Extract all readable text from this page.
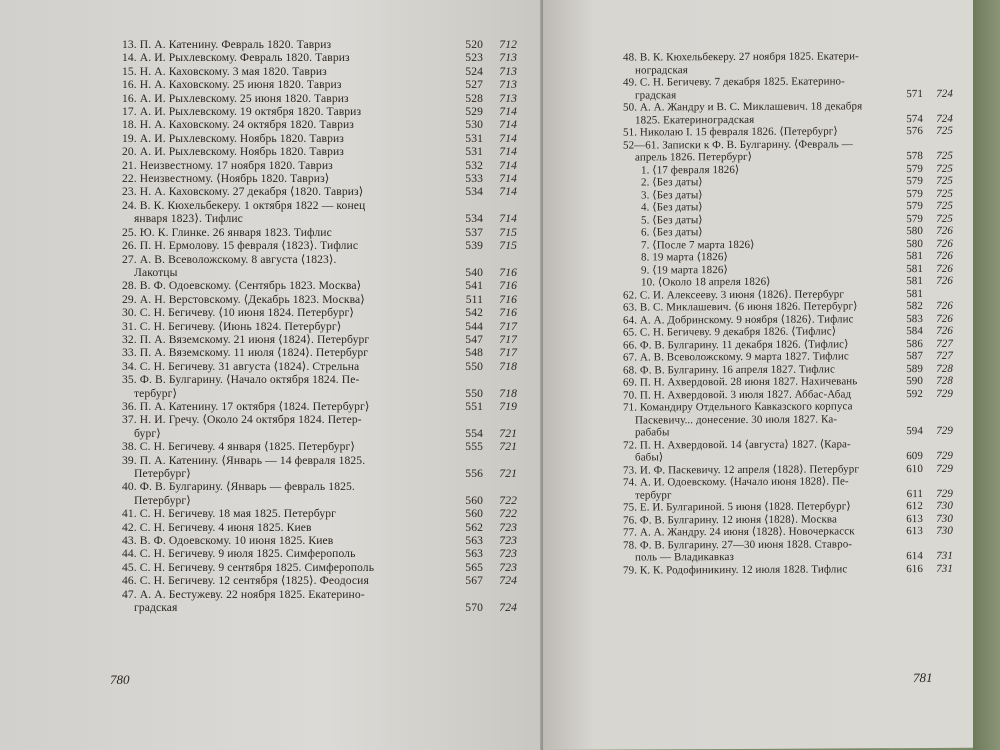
13. П. А. Катенину. Февраль 1820. Тавриз	520	712
14. А. И. Рыхлевскому. Февраль 1820. Тавриз	523	713
15. Н. А. Каховскому. 3 мая 1820. Тавриз	524	713
16. Н. А. Каховскому. 25 июня 1820. Тавриз	527	713
16. А. И. Рыхлевскому. 25 июня 1820. Тавриз	528	713
17. А. И. Рыхлевскому. 19 октября 1820. Тавриз	529	714
18. Н. А. Каховскому. 24 октября 1820. Тавриз	530	714
19. А. И. Рыхлевскому. Ноябрь 1820. Тавриз	531	714
20. А. И. Рыхлевскому. Ноябрь 1820. Тавриз	531	714
21. Неизвестному. 17 ноября 1820. Тавриз	532	714
22. Неизвестному. ⟨Ноябрь 1820. Тавриз⟩	533	714
23. Н. А. Каховскому. 27 декабря ⟨1820. Тавриз⟩	534	714
24. В. К. Кюхельбекеру. 1 октября 1822 — конец
января 1823⟩. Тифлис	534	714
25. Ю. К. Глинке. 26 января 1823. Тифлис	537	715
26. П. Н. Ермолову. 15 февраля ⟨1823⟩. Тифлис	539	715
27. А. В. Всеволожскому. 8 августа ⟨1823⟩.
Лакотцы	540	716
28. В. Ф. Одоевскому. ⟨Сентябрь 1823. Москва⟩	541	716
29. А. Н. Верстовскому. ⟨Декабрь 1823. Москва⟩	511	716
30. С. Н. Бегичеву. ⟨10 июня 1824. Петербург⟩	542	716
31. С. Н. Бегичеву. ⟨Июнь 1824. Петербург⟩	544	717
32. П. А. Вяземскому. 21 июня ⟨1824⟩. Петербург	547	717
33. П. А. Вяземскому. 11 июля ⟨1824⟩. Петербург	548	717
34. С. Н. Бегичеву. 31 августа ⟨1824⟩. Стрельна	550	718
35. Ф. В. Булгарину. ⟨Начало октября 1824. Пе-
тербург⟩	550	718
36. П. А. Катенину. 17 октября ⟨1824. Петербург⟩	551	719
37. Н. И. Гречу. ⟨Около 24 октября 1824. Петер-
бург⟩	554	721
38. С. Н. Бегичеву. 4 января ⟨1825. Петербург⟩	555	721
39. П. А. Катенину. ⟨Январь — 14 февраля 1825.
Петербург⟩	556	721
40. Ф. В. Булгарину. ⟨Январь — февраль 1825.
Петербург⟩	560	722
41. С. Н. Бегичеву. 18 мая 1825. Петербург	560	722
42. С. Н. Бегичеву. 4 июня 1825. Киев	562	723
43. В. Ф. Одоевскому. 10 июня 1825. Киев	563	723
44. С. Н. Бегичеву. 9 июля 1825. Симферополь	563	723
45. С. Н. Бегичеву. 9 сентября 1825. Симферополь	565	723
46. С. Н. Бегичеву. 12 сентября ⟨1825⟩. Феодосия	567	724
47. А. А. Бестужеву. 22 ноября 1825. Екатерино-
градская	570	724
780
48. В. К. Кюхельбекеру. 27 ноября 1825. Екатери-
ноградская
49. С. Н. Бегичеву. 7 декабря 1825. Екатерино-
градская	571	724
50. А. А. Жандру и В. С. Миклашевич. 18 декабря
1825. Екатериноградская	574	724
51. Николаю I. 15 февраля 1826. ⟨Петербург⟩	576	725
52—61. Записки к Ф. В. Булгарину. ⟨Февраль —
апрель 1826. Петербург⟩	578	725
1. ⟨17 февраля 1826⟩	579	725
2. ⟨Без даты⟩	579	725
3. ⟨Без даты⟩	579	725
4. ⟨Без даты⟩	579	725
5. ⟨Без даты⟩	579	725
6. ⟨Без даты⟩	580	726
7. ⟨После 7 марта 1826⟩	580	726
8. 19 марта ⟨1826⟩	581	726
9. ⟨19 марта 1826⟩	581	726
10. ⟨Около 18 апреля 1826⟩	581	726
62. С. И. Алексееву. 3 июня ⟨1826⟩. Петербург	581
63. В. С. Миклашевич. ⟨6 июня 1826. Петербург⟩	582	726
64. А. А. Добринскому. 9 ноября ⟨1826⟩. Тифлис	583	726
65. С. Н. Бегичеву. 9 декабря 1826. ⟨Тифлис⟩	584	726
66. Ф. В. Булгарину. 11 декабря 1826. ⟨Тифлис⟩	586	727
67. А. В. Всеволожскому. 9 марта 1827. Тифлис	587	727
68. Ф. В. Булгарину. 16 апреля 1827. Тифлис	589	728
69. П. Н. Ахвердовой. 28 июня 1827. Нахичевань	590	728
70. П. Н. Ахвердовой. 3 июля 1827. Аббас-Абад	592	729
71. Командиру Отдельного Кавказского корпуса
Паскевичу... донесение. 30 июля 1827. Ка-
рабабы	594	729
72. П. Н. Ахвердовой. 14 ⟨августа⟩ 1827. ⟨Кара-
бабы⟩	609	729
73. И. Ф. Паскевичу. 12 апреля ⟨1828⟩. Петербург	610	729
74. А. И. Одоевскому. ⟨Начало июня 1828⟩. Пе-
тербург	611	729
75. Е. И. Булгариной. 5 июня ⟨1828. Петербург⟩	612	730
76. Ф. В. Булгарину. 12 июня ⟨1828⟩. Москва	613	730
77. А. А. Жандру. 24 июня ⟨1828⟩. Новочеркасск	613	730
78. Ф. В. Булгарину. 27—30 июня 1828. Ставро-
поль — Владикавказ	614	731
79. К. К. Родофиникину. 12 июля 1828. Тифлис	616	731
781
